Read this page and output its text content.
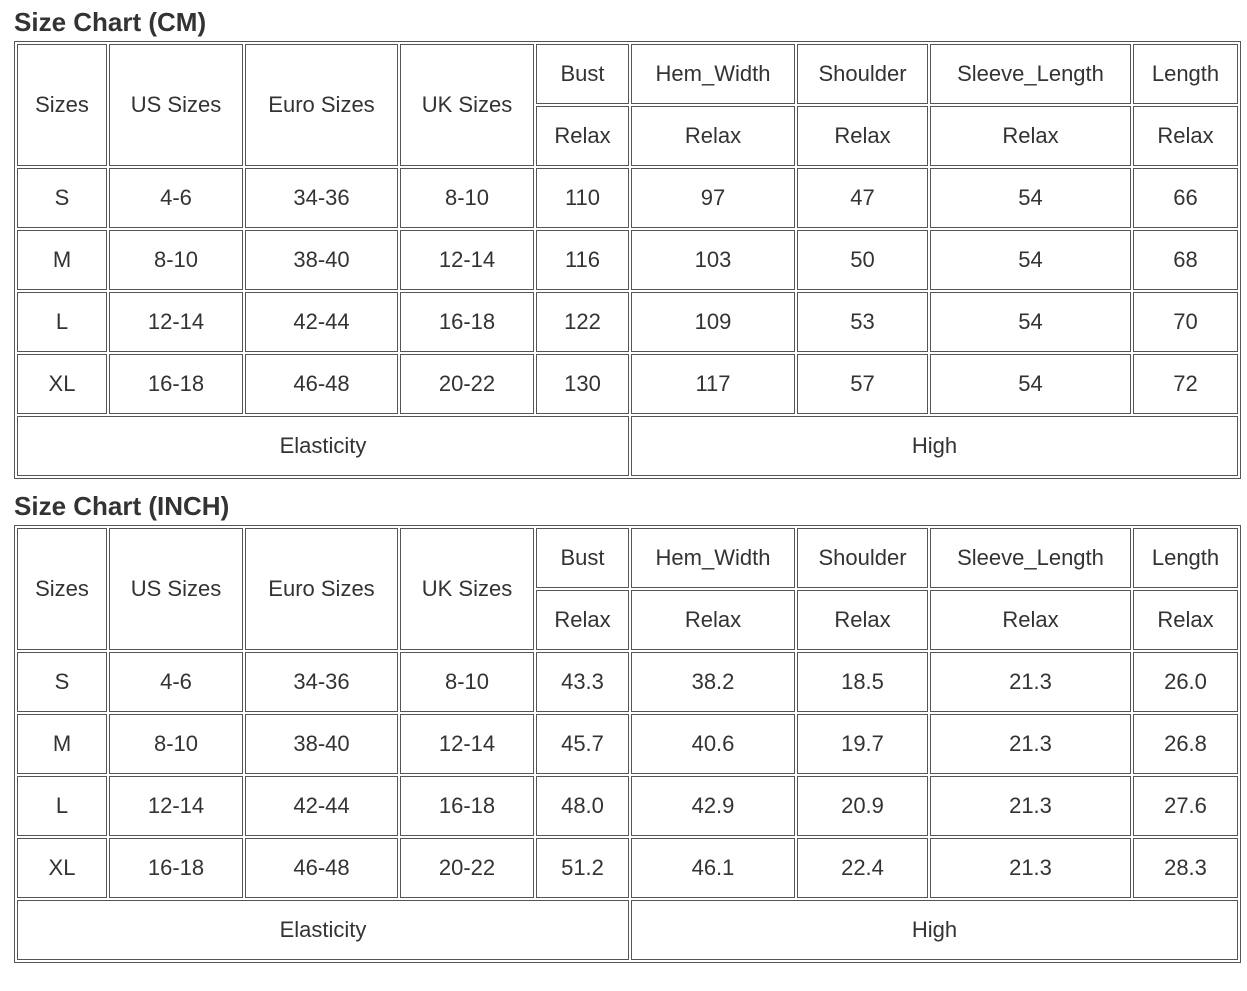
Size Chart (CM)
Sizes	US Sizes	Euro Sizes	UK Sizes	Bust	Hem_Width	Shoulder	Sleeve_Length	Length
				Relax	Relax	Relax	Relax	Relax
S	4-6	34-36	8-10	110	97	47	54	66
M	8-10	38-40	12-14	116	103	50	54	68
L	12-14	42-44	16-18	122	109	53	54	70
XL	16-18	46-48	20-22	130	117	57	54	72
Elasticity					High			
Size Chart (INCH)
Sizes	US Sizes	Euro Sizes	UK Sizes	Bust	Hem_Width	Shoulder	Sleeve_Length	Length
				Relax	Relax	Relax	Relax	Relax
S	4-6	34-36	8-10	43.3	38.2	18.5	21.3	26.0
M	8-10	38-40	12-14	45.7	40.6	19.7	21.3	26.8
L	12-14	42-44	16-18	48.0	42.9	20.9	21.3	27.6
XL	16-18	46-48	20-22	51.2	46.1	22.4	21.3	28.3
Elasticity					High			
